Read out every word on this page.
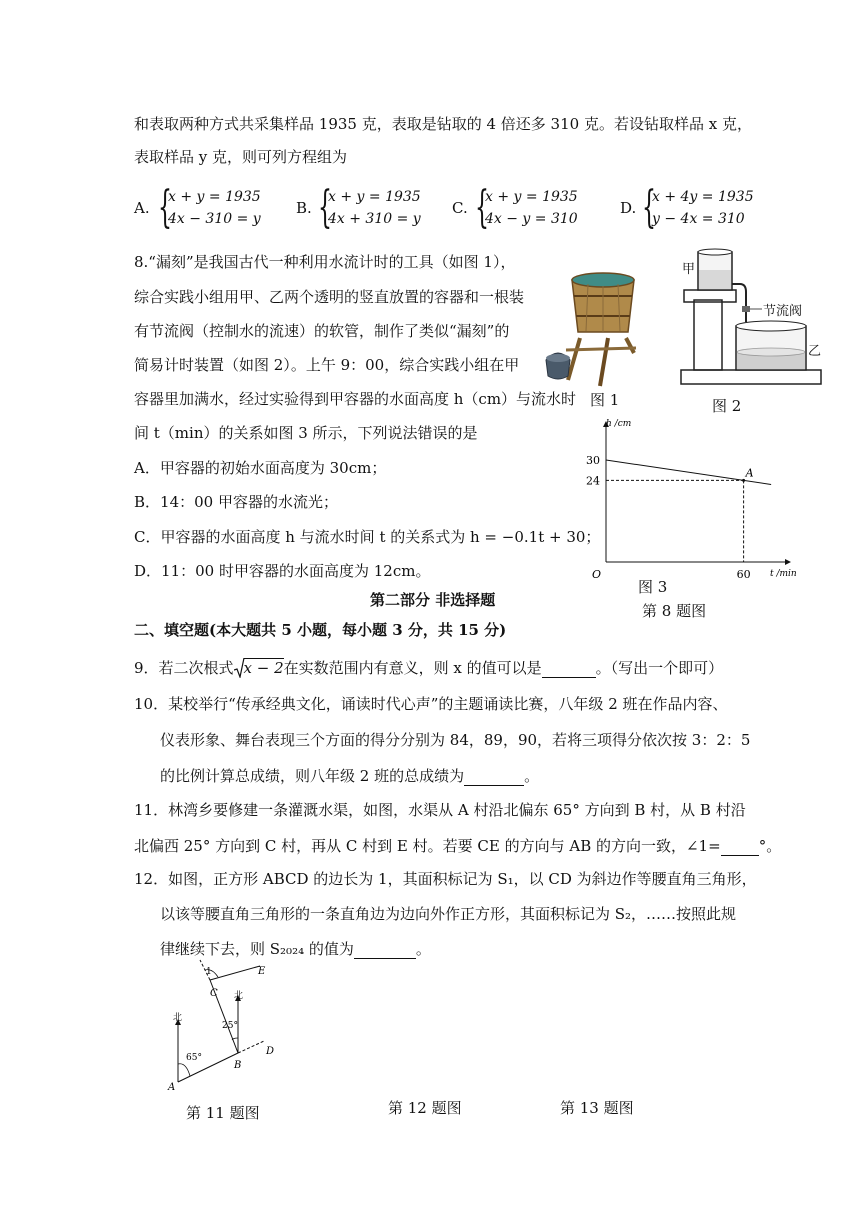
和表取两种方式共采集样品 1935 克，表取是钻取的 4 倍还多 310 克。若设钻取样品 x 克，
表取样品 y 克，则可列方程组为
A. {
x + y = 1935
4x − 310 = y
B. {
x + y = 1935
4x + 310 = y
C. {
x + y = 1935
4x − y = 310
D. {
x + 4y = 1935
y − 4x = 310
8.“漏刻”是我国古代一种利用水流计时的工具（如图 1），
综合实践小组用甲、乙两个透明的竖直放置的容器和一根装
有节流阀（控制水的流速）的软管，制作了类似“漏刻”的
简易计时装置（如图 2）。上午 9：00，综合实践小组在甲
容器里加满水，经过实验得到甲容器的水面高度 h（cm）与流水时
间 t（min）的关系如图 3 所示，下列说法错误的是
A．甲容器的初始水面高度为 30cm；
B．14：00 甲容器的水流光；
C．甲容器的水面高度 h 与流水时间 t 的关系式为 h = −0.1t + 30；
D．11：00 时甲容器的水面高度为 12cm。
图 1
甲
节流阀
乙
图 2
30
24
60
O
A
h /cm
t /min
图 3
第 8 题图
第二部分 非选择题
二、填空题(本大题共 5 小题，每小题 3 分，共 15 分)
9．若二次根式 x − 2在实数范围内有意义，则 x 的值可以是	。（写出一个即可）
10．某校举行“传承经典文化，诵读时代心声”的主题诵读比赛，八年级 2 班在作品内容、
仪表形象、舞台表现三个方面的得分分别为 84，89，90，若将三项得分依次按 3：2：5
的比例计算总成绩，则八年级 2 班的总成绩为	。
11．林湾乡要修建一条灌溉水渠，如图，水渠从 A 村沿北偏东 65° 方向到 B 村，从 B 村沿
北偏西 25° 方向到 C 村，再从 C 村到 E 村。若要 CE 的方向与 AB 的方向一致，∠1=	°。
12．如图，正方形 ABCD 的边长为 1，其面积标记为 S₁，以 CD 为斜边作等腰直角三角形，
以该等腰直角三角形的一条直角边为边向外作正方形，其面积标记为 S₂，……按照此规
律继续下去，则 S₂₀₂₄ 的值为	。
A
B
C
D
E
北
北
65°
25°
1
第 11 题图	第 12 题图	第 13 题图
